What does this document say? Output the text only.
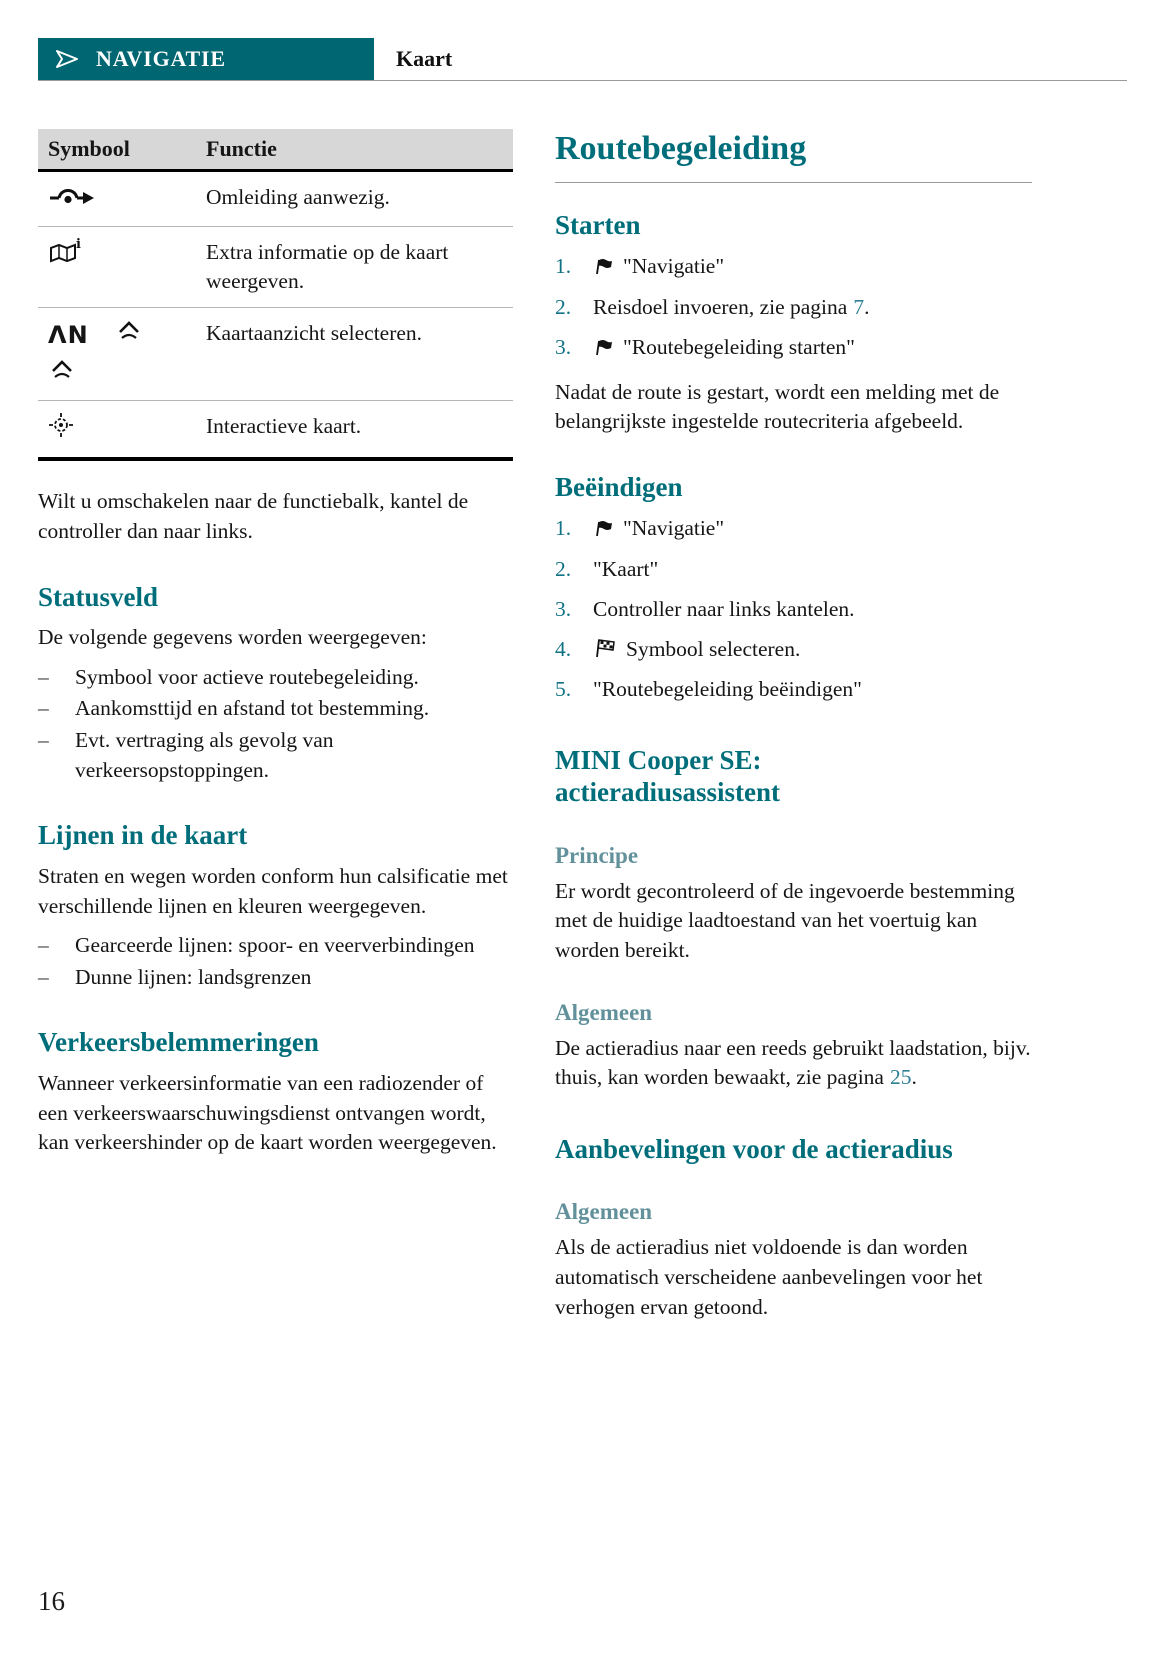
NAVIGATIE	Kaart
Symbool	Functie
	Omleiding aanwezig.

i	Extra informatie op de kaart weergeven.

ΛN	Kaartaanzicht selecteren.
	Interactieve kaart.

Wilt u omschakelen naar de functiebalk, kantel de controller dan naar links.

Statusveld

De volgende gegevens worden weergegeven:

–	Symbool voor actieve routebegeleiding.
–	Aankomsttijd en afstand tot bestemming.
–	Evt. vertraging als gevolg van verkeersopstoppingen.
Lijnen in de kaart

Straten en wegen worden conform hun calsificatie met verschillende lijnen en kleuren weergegeven.

–	Gearceerde lijnen: spoor- en veerverbindingen
–	Dunne lijnen: landsgrenzen
Verkeersbelemmeringen

Wanneer verkeersinformatie van een radiozender of een verkeerswaarschuwingsdienst ontvangen wordt, kan verkeershinder op de kaart worden weergegeven.

Routebegeleiding
Starten
1.	"Navigatie"
2.	Reisdoel invoeren, zie pagina 7.
3.	"Routebegeleiding starten"

Nadat de route is gestart, wordt een melding met de belangrijkste ingestelde routecriteria afgebeeld.

Beëindigen
1.	"Navigatie"
2.	"Kaart"
3.	Controller naar links kantelen.
4.	Symbool selecteren.
5.	"Routebegeleiding beëindigen"
MINI Cooper SE: actieradiusassistent
Principe

Er wordt gecontroleerd of de ingevoerde bestemming met de huidige laadtoestand van het voertuig kan worden bereikt.

Algemeen

De actieradius naar een reeds gebruikt laadstation, bijv. thuis, kan worden bewaakt, zie pagina 25.

Aanbevelingen voor de actieradius
Algemeen

Als de actieradius niet voldoende is dan worden automatisch verscheidene aanbevelingen voor het verhogen ervan getoond.

16
